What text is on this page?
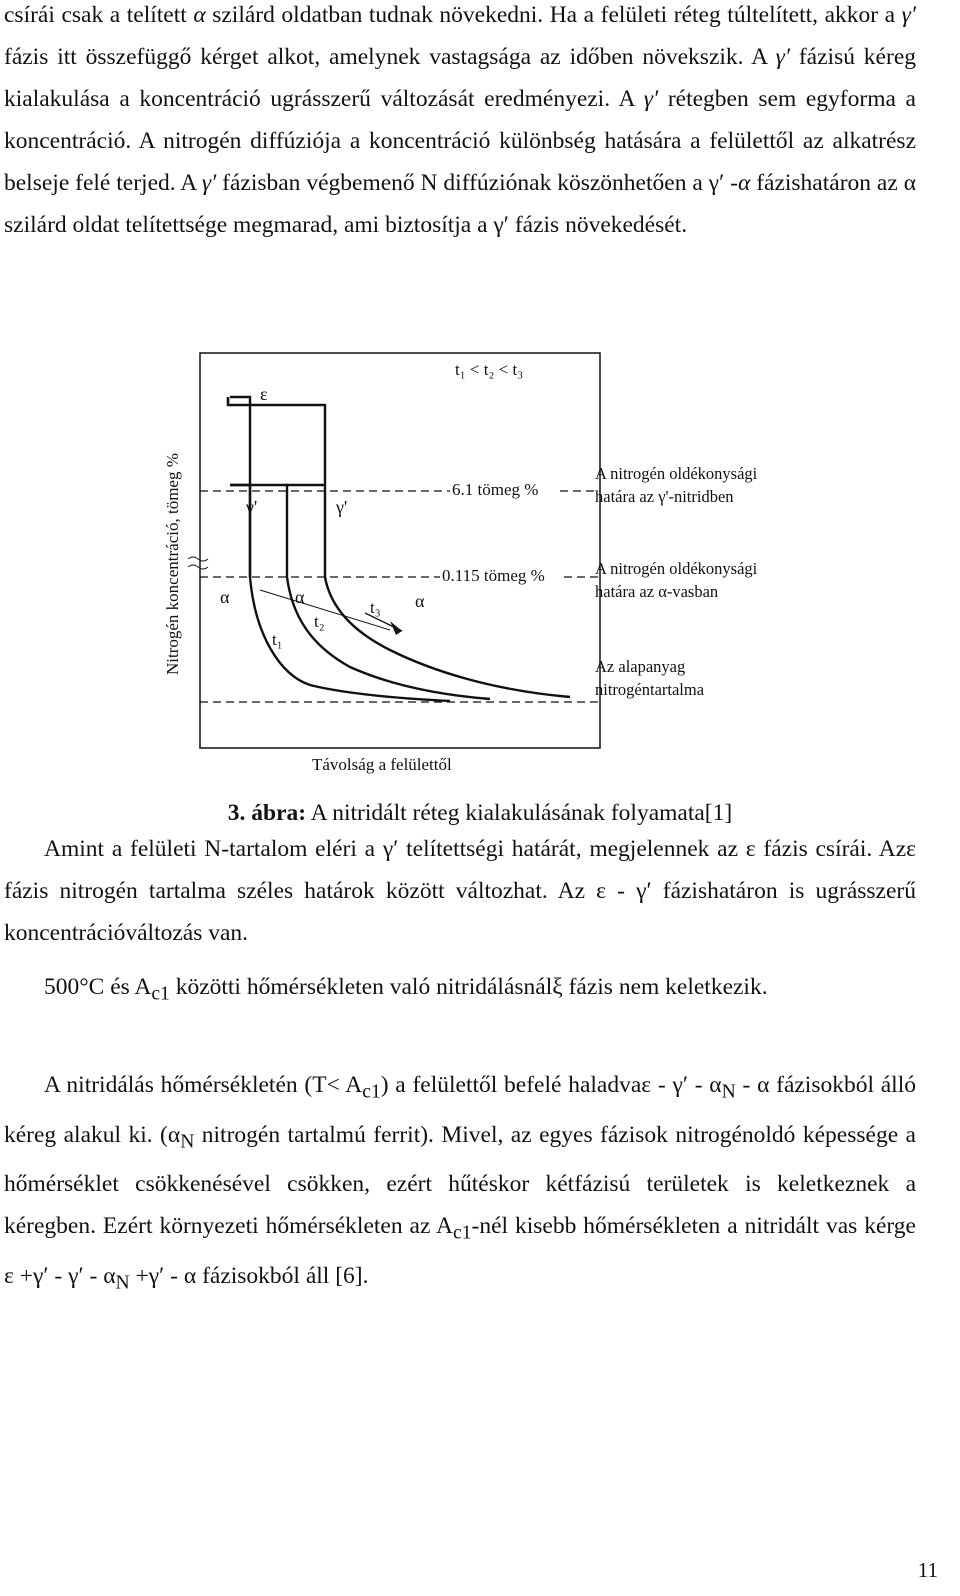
csírái csak a telített α szilárd oldatban tudnak növekedni. Ha a felületi réteg túltelített, akkor a γ′ fázis itt összefüggő kérget alkot, amelynek vastagsága az időben növekszik. A γ′ fázisú kéreg kialakulása a koncentráció ugrásszerű változását eredményezi. A γ′ rétegben sem egyforma a koncentráció. A nitrogén diffúziója a koncentráció különbség hatására a felülettől az alkatrész belseje felé terjed. A γ′ fázisban végbemenő N diffúziónak köszönhetően a γ′ -α fázishatáron az α szilárd oldat telítettsége megmarad, ami biztosítja a γ′ fázis növekedését.
Nitrogén koncentráció, tömeg %
t₁ < t₂ < t₃
ε
γ'	γ'
α	α	α
t₁
t₂
t₃
6.1 tömeg %
0.115 tömeg %
Távolság a felülettől
A nitrogén oldékonysági
határa az γ'-nitridben
A nitrogén oldékonysági
határa az α-vasban
Az alapanyag
nitrogéntartalma
3. ábra: A nitridált réteg kialakulásának folyamata[1]

Amint a felületi N-tartalom eléri a γ′ telítettségi határát, megjelennek az ε fázis csírái. Azε fázis nitrogén tartalma széles határok között változhat. Az ε - γ′ fázishatáron is ugrásszerű koncentrációváltozás van.

500°C és $A_{c1}$ közötti hőmérsékleten való nitridálásnálξ fázis nem keletkezik.

A nitridálás hőmérsékletén $(T< A_{c1})$ a felülettől befelé haladvaε - $\gamma' - \alpha_N$ - α fázisokból álló kéreg alakul ki. ($\alpha_N$ nitrogén tartalmú ferrit). Mivel, az egyes fázisok nitrogénoldó képessége a hőmérséklet csökkenésével csökken, ezért hűtéskor kétfázisú területek is keletkeznek a kéregben. Ezért környezeti hőmérsékleten az $A_{c1}$-nél kisebb hőmérsékleten a nitridált vas kérge $\varepsilon +\gamma' - \gamma' - \alpha_N +\gamma' - \alpha$ fázisokból áll [6].

11
